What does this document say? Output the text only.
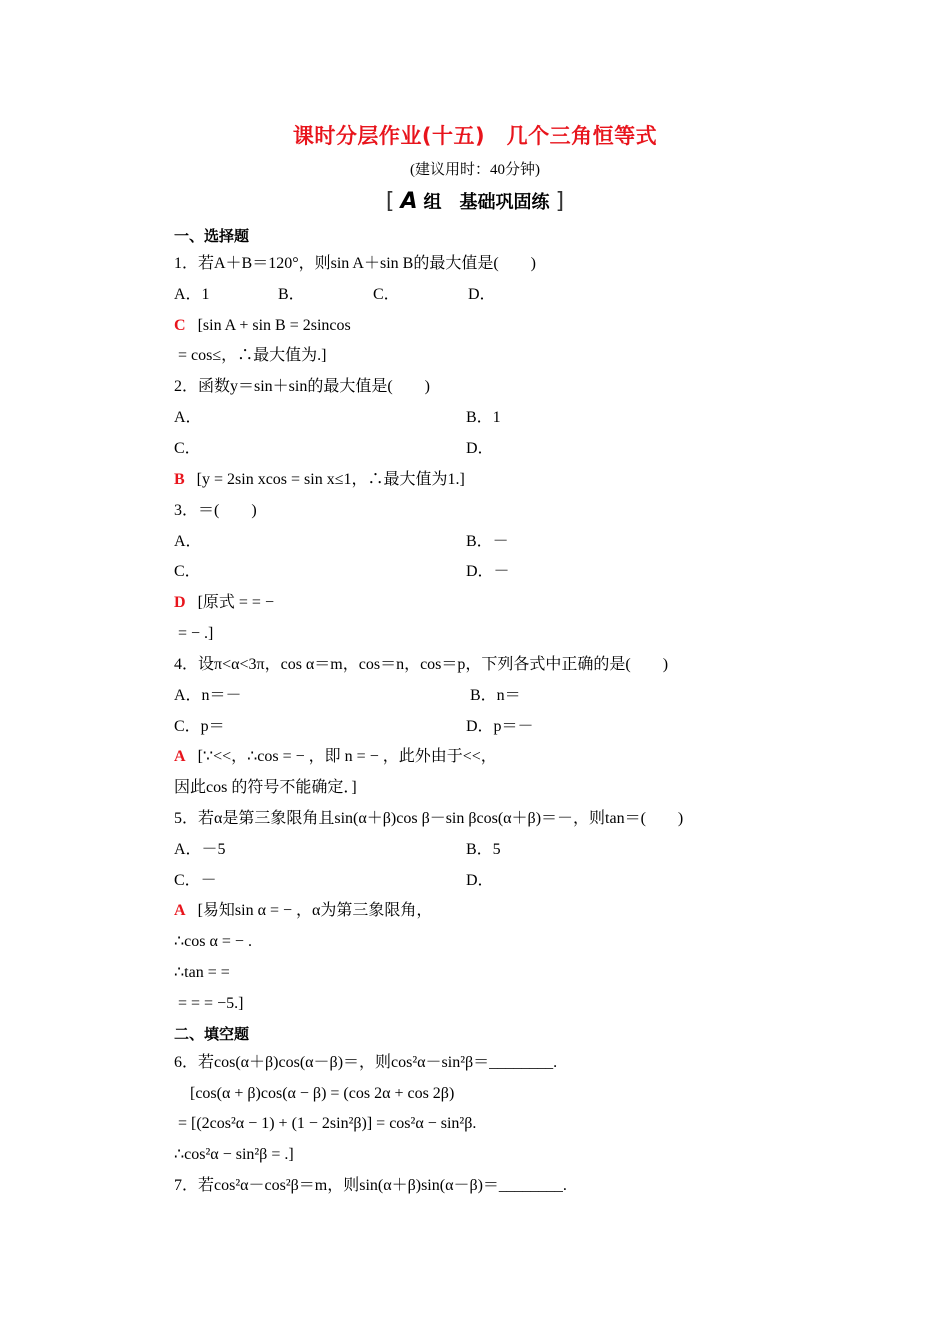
课时分层作业(十五)　几个三角恒等式
(建议用时：40分钟)
[ A 组　基础巩固练 ]
一、选择题
1．若A＋B＝120°，则sin A＋sin B的最大值是(　　)
A．1	B．	C．	D．
C [sin A + sin B = 2sincos
= cos≤，∴最大值为.]
2．函数y＝sin＋sin的最大值是(　　)
A．	B．1
C．	D．
B [y = 2sin xcos = sin x≤1，∴最大值为1.]
3．＝(　　)
A．	B．－
C．	D．－
D [原式 = = −
= − .]
4．设π<α<3π，cos α＝m，cos＝n，cos＝p，下列各式中正确的是(　　)
A．n＝－	B．n＝
C．p＝	D．p＝－
A [∵<<，∴cos = − ，即 n = − ，此外由于<<，
因此cos 的符号不能确定．]
5．若α是第三象限角且sin(α＋β)cos β－sin βcos(α＋β)＝－，则tan＝(　　)
A．－5	B．5
C．－	D．
A [易知sin α = − ，α为第三象限角，
∴cos α = − .
∴tan = =
= = = −5.]
二、填空题
6．若cos(α＋β)cos(α－β)＝，则cos²α－sin²β＝________.
[cos(α + β)cos(α − β) = (cos 2α + cos 2β)
= [(2cos²α − 1) + (1 − 2sin²β)] = cos²α − sin²β.
∴cos²α − sin²β = .]
7．若cos²α－cos²β＝m，则sin(α＋β)sin(α－β)＝________.
